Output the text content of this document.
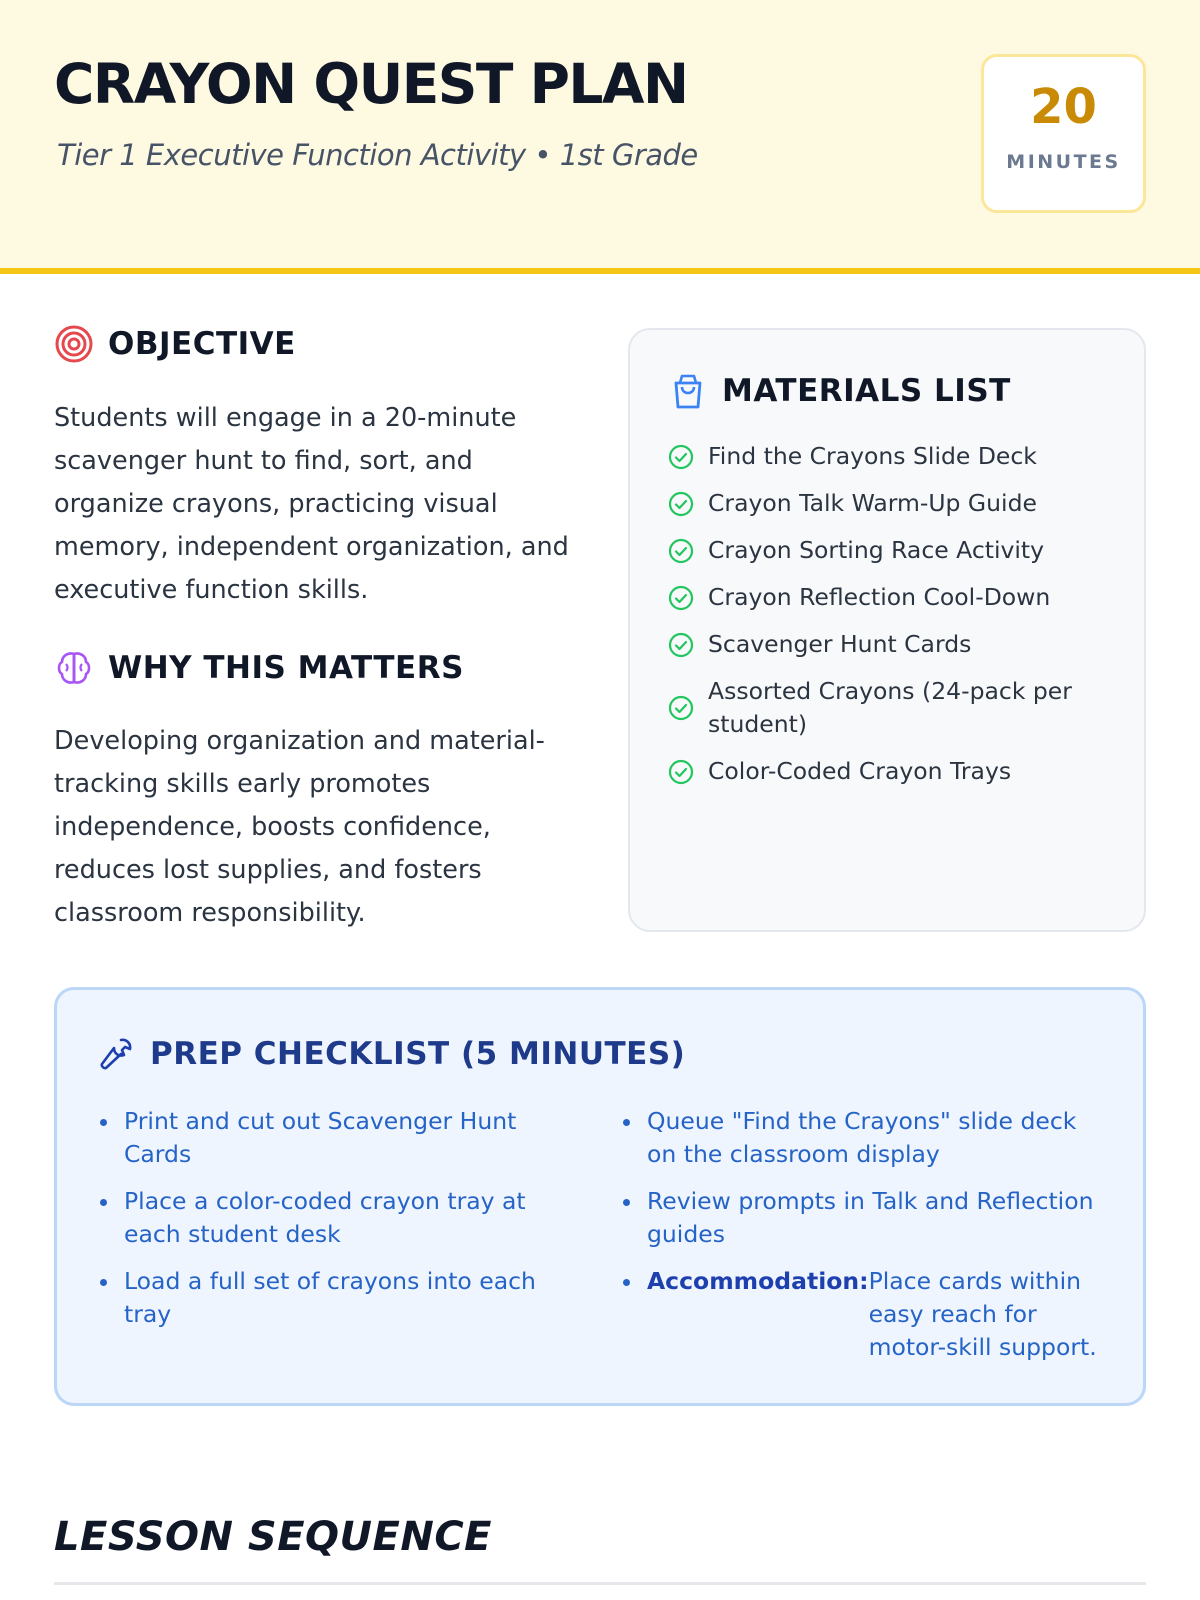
CRAYON QUEST PLAN
Tier 1 Executive Function Activity • 1st Grade
20
MINUTES
OBJECTIVE
Students will engage in a 20-minute scavenger hunt to find, sort, and organize crayons, practicing visual memory, independent organization, and executive function skills.
WHY THIS MATTERS
Developing organization and material-tracking skills early promotes independence, boosts confidence, reduces lost supplies, and fosters classroom responsibility.
MATERIALS LIST
Find the Crayons Slide Deck
Crayon Talk Warm-Up Guide
Crayon Sorting Race Activity
Crayon Reflection Cool-Down
Scavenger Hunt Cards
Assorted Crayons (24-pack per student)
Color-Coded Crayon Trays
PREP CHECKLIST (5 MINUTES)
Print and cut out Scavenger Hunt Cards
Place a color-coded crayon tray at each student desk
Load a full set of crayons into each tray
Queue "Find the Crayons" slide deck on the classroom display
Review prompts in Talk and Reflection guides
Accommodation: Place cards within easy reach for motor-skill support.
LESSON SEQUENCE
